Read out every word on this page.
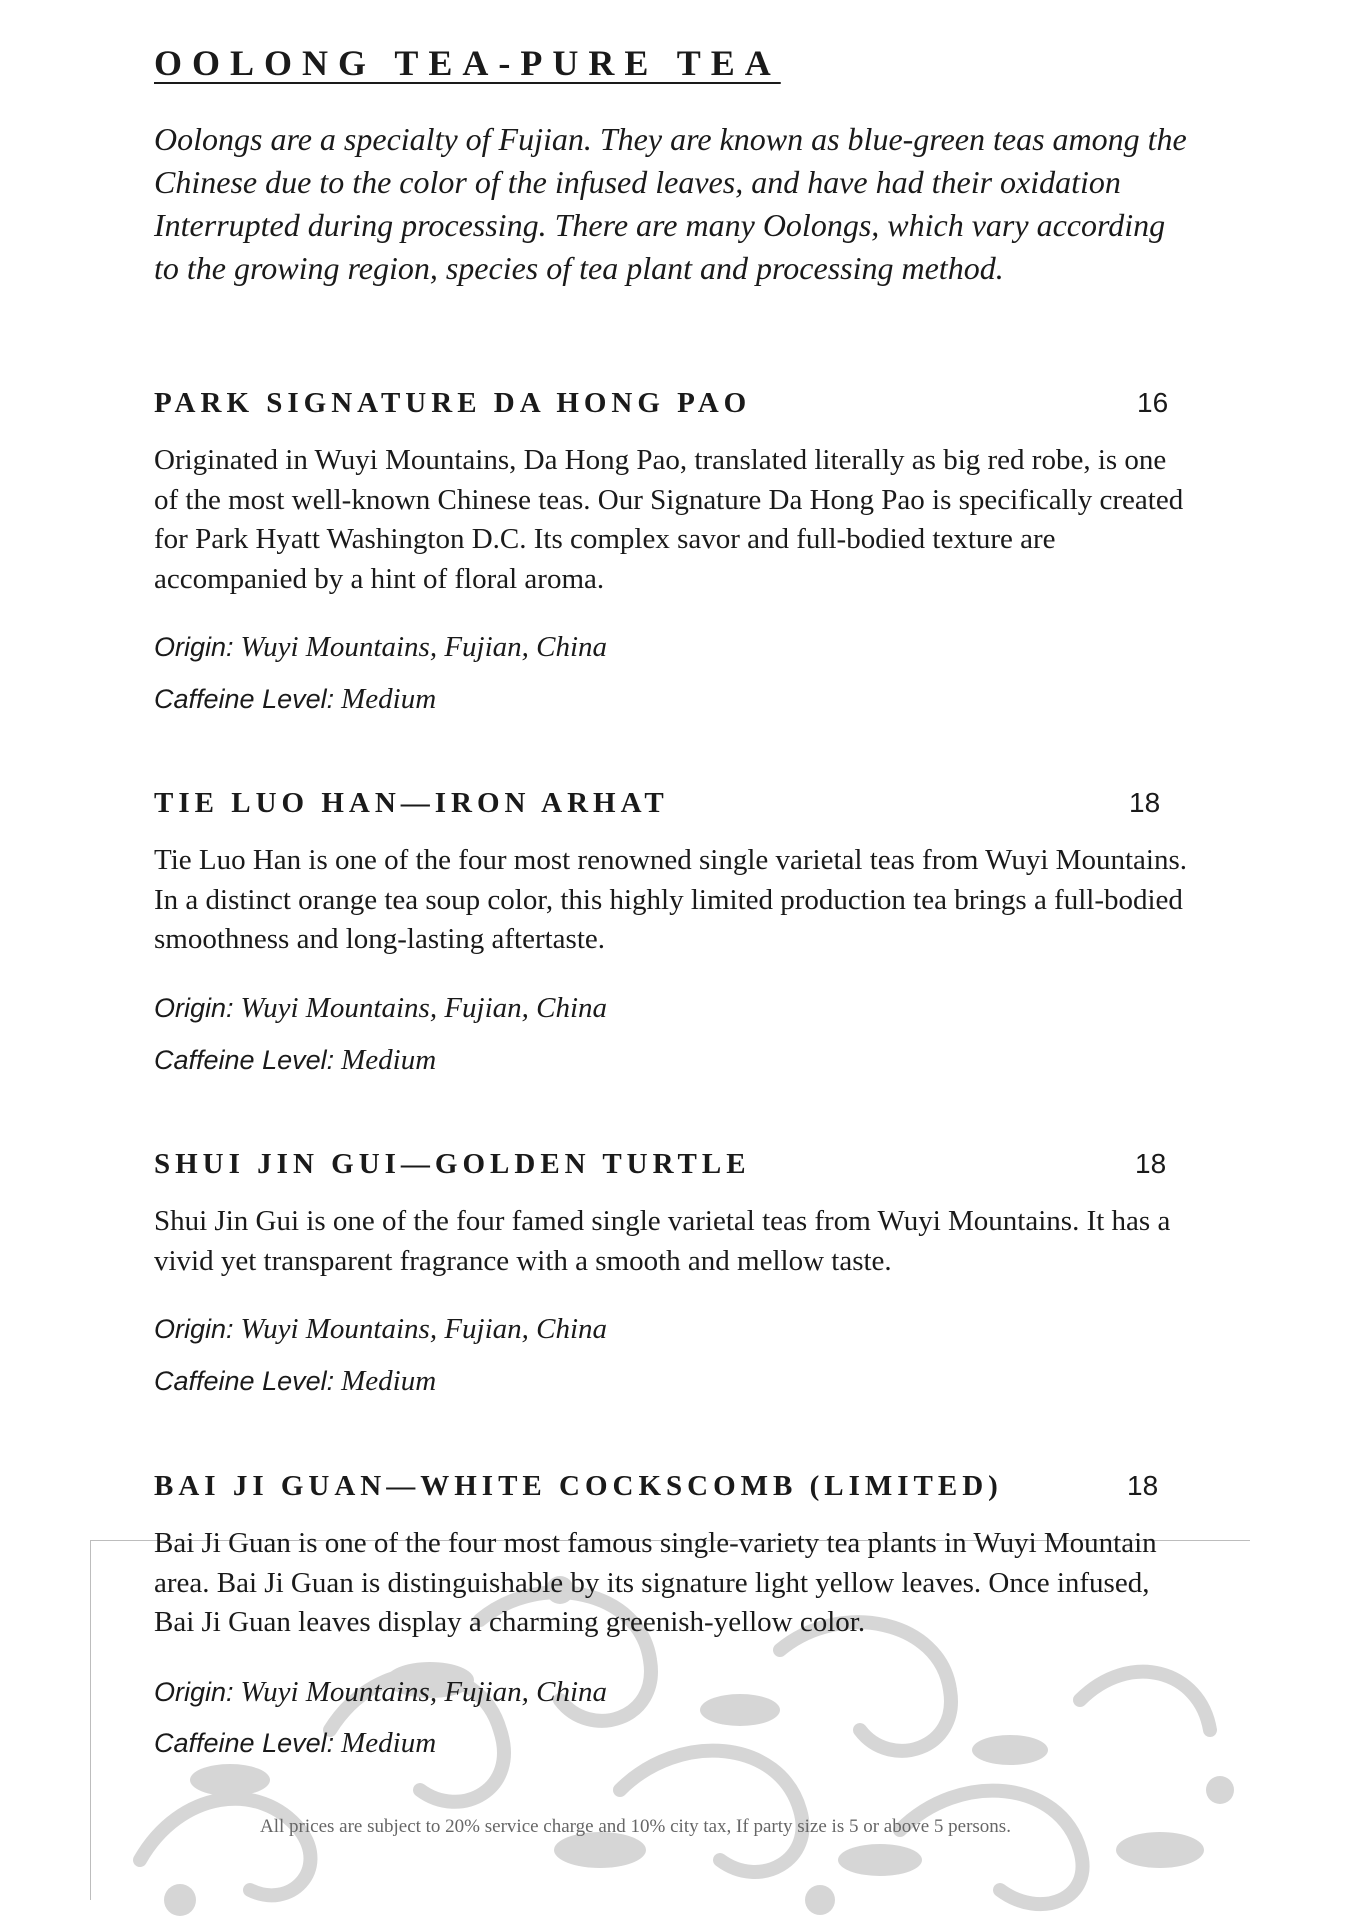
OOLONG TEA-PURE TEA
Oolongs are a specialty of Fujian. They are known as blue-green teas among the Chinese due to the color of the infused leaves, and have had their oxidation Interrupted during processing. There are many Oolongs, which vary according to the growing region, species of tea plant and processing method.
PARK SIGNATURE DA HONG PAO	16
Originated in Wuyi Mountains, Da Hong Pao, translated literally as big red robe, is one of the most well-known Chinese teas. Our Signature Da Hong Pao is specifically created for Park Hyatt Washington D.C. Its complex savor and full-bodied texture are accompanied by a hint of floral aroma.
Origin: Wuyi Mountains, Fujian, China
Caffeine Level: Medium
TIE LUO HAN—IRON ARHAT	18
Tie Luo Han is one of the four most renowned single varietal teas from Wuyi Mountains. In a distinct orange tea soup color, this highly limited production tea brings a full-bodied smoothness and long-lasting aftertaste.
Origin: Wuyi Mountains, Fujian, China
Caffeine Level: Medium
SHUI JIN GUI—GOLDEN TURTLE	18
Shui Jin Gui is one of the four famed single varietal teas from Wuyi Mountains. It has a vivid yet transparent fragrance with a smooth and mellow taste.
Origin: Wuyi Mountains, Fujian, China
Caffeine Level: Medium
BAI JI GUAN—WHITE COCKSCOMB (LIMITED)	18
Bai Ji Guan is one of the four most famous single-variety tea plants in Wuyi Mountain area. Bai Ji Guan is distinguishable by its signature light yellow leaves. Once infused, Bai Ji Guan leaves display a charming greenish-yellow color.
Origin: Wuyi Mountains, Fujian, China
Caffeine Level: Medium
All prices are subject to 20% service charge and 10% city tax, If party size is 5 or above 5 persons.
